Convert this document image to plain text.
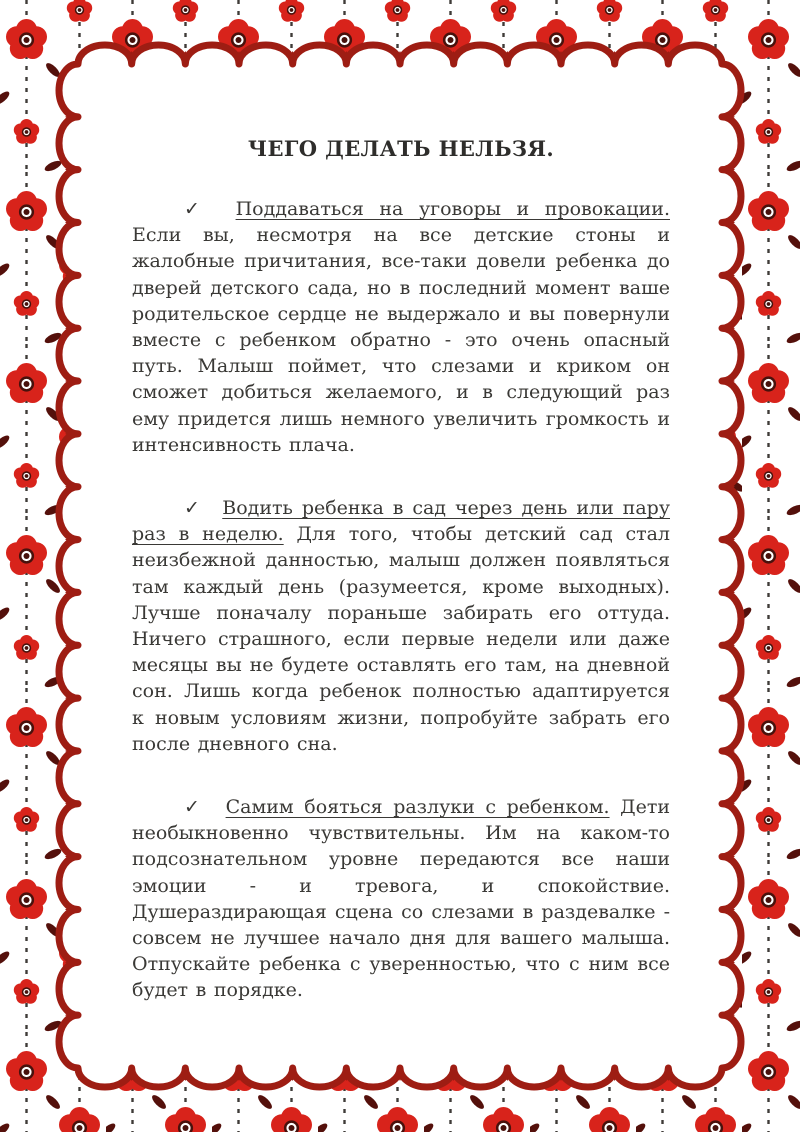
ЧЕГО ДЕЛАТЬ НЕЛЬЗЯ.

✓ Поддаваться на уговоры и провокации. Если вы, несмотря на все детские стоны и жалобные причитания, все-таки довели ребенка до дверей детского сада, но в последний момент ваше родительское сердце не выдержало и вы повернули вместе с ребенком обратно - это очень опасный путь. Малыш поймет, что слезами и криком он сможет добиться желаемого, и в следующий раз ему придется лишь немного увеличить громкость и интенсивность плача.

✓ Водить ребенка в сад через день или пару раз в неделю. Для того, чтобы детский сад стал неизбежной данностью, малыш должен появляться там каждый день (разумеется, кроме выходных). Лучше поначалу пораньше забирать его оттуда. Ничего страшного, если первые недели или даже месяцы вы не будете оставлять его там, на дневной сон. Лишь когда ребенок полностью адаптируется к новым условиям жизни, попробуйте забрать его после дневного сна.

✓ Самим бояться разлуки с ребенком. Дети необыкновенно чувствительны. Им на каком-то подсознательном уровне передаются все наши эмоции - и тревога, и спокойствие. Душераздирающая сцена со слезами в раздевалке - совсем не лучшее начало дня для вашего малыша. Отпускайте ребенка с уверенностью, что с ним все будет в порядке.
